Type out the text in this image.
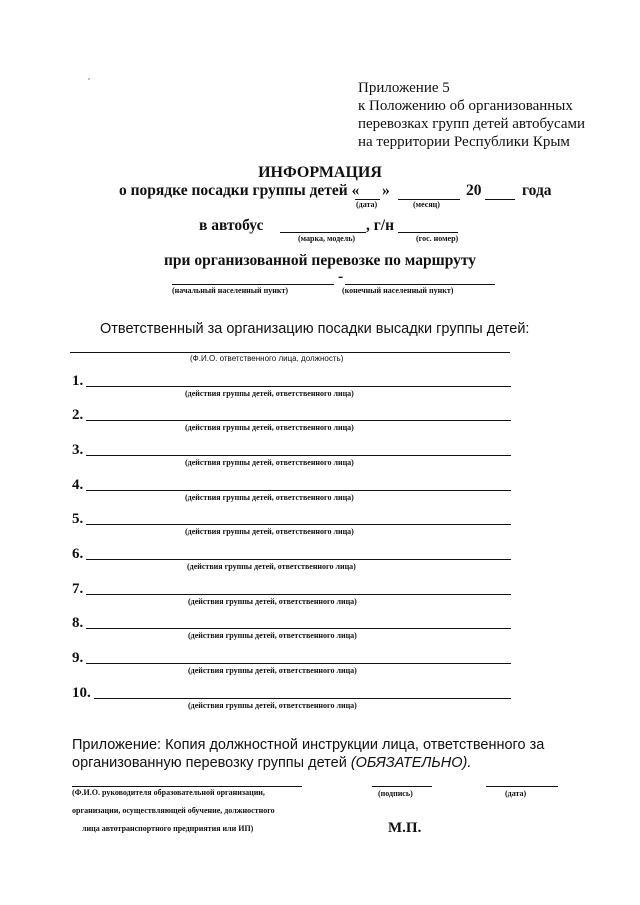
Приложение 5
к Положению об организованных
перевозках групп детей автобусами
на территории Республики Крым
ИНФОРМАЦИЯ
о порядке посадки группы детей « »	20	года
(дата)	(месяц)
в автобус	, г/н
(марка, модель)	(гос. номер)
при организованной перевозке по маршруту
-
(начальный населенный пункт)	(конечный населенный пункт)
Ответственный за организацию посадки высадки группы детей:
(Ф.И.О. ответственного лица, должность)
1.
(действия группы детей, ответственного лица)
2.
(действия группы детей, ответственного лица)
3.
(действия группы детей, ответственного лица)
4.
(действия группы детей, ответственного лица)
5.
(действия группы детей, ответственного лица)
6.
(действия группы детей, ответственного лица)
7.
(действия группы детей, ответственного лица)
8.
(действия группы детей, ответственного лица)
9.
(действия группы детей, ответственного лица)
10.
(действия группы детей, ответственного лица)
Приложение: Копия должностной инструкции лица, ответственного за
организованную перевозку группы детей (ОБЯЗАТЕЛЬНО).
(Ф.И.О. руководителя образовательной организации,	(подпись)	(дата)
организации, осуществляющей обучение, должностного
лица автотранспортного предприятия или ИП)	М.П.
